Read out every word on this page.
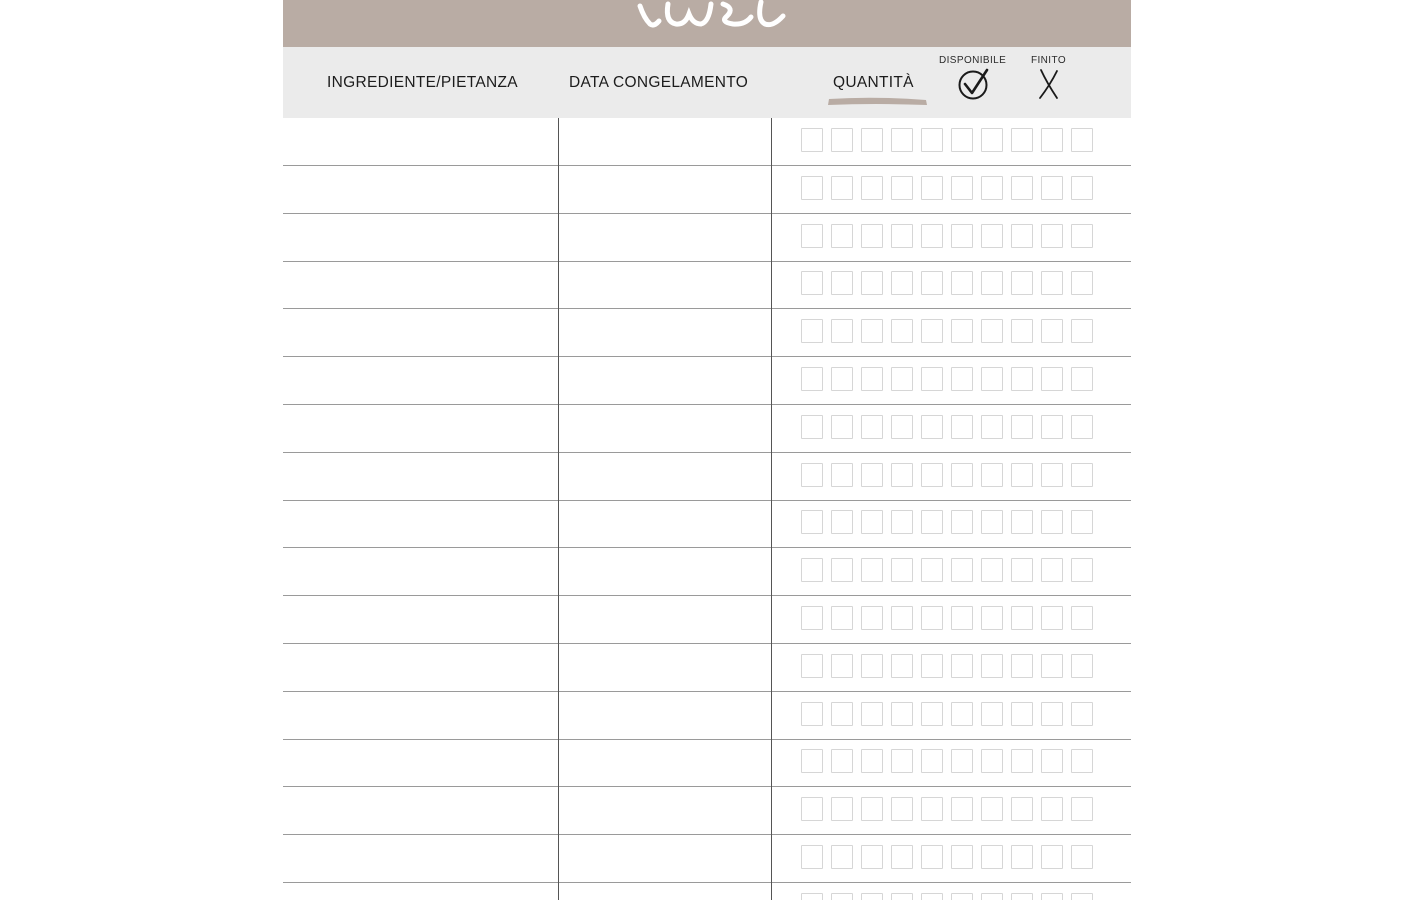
INGREDIENTE/PIETANZA	DATA CONGELAMENTO	QUANTITÀ
DISPONIBILE FINITO
